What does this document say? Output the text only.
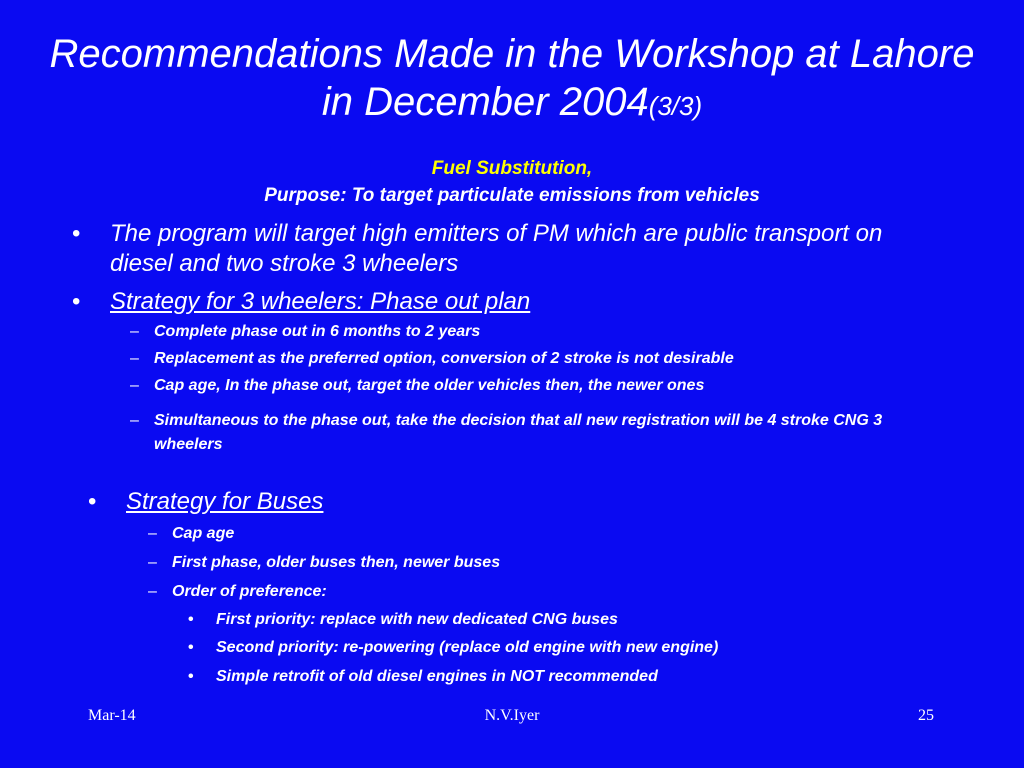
Recommendations Made in the Workshop at Lahore in December 2004(3/3)
Fuel Substitution,
Purpose: To target particulate emissions from vehicles
• The program will target high emitters of PM which are public transport on diesel and two stroke 3 wheelers
• Strategy for 3 wheelers: Phase out plan
– Complete phase out in 6 months to 2 years
– Replacement as the preferred option, conversion of 2 stroke is not desirable
– Cap age, In the phase out, target the older vehicles then, the newer ones
– Simultaneous to the phase out, take the decision that all new registration will be 4 stroke CNG 3 wheelers
• Strategy for Buses
– Cap age
– First phase, older buses then, newer buses
– Order of preference:
• First priority: replace with new dedicated CNG buses
• Second priority: re-powering (replace old engine with new engine)
• Simple retrofit of old diesel engines in NOT recommended
Mar-14	N.V.Iyer	25
